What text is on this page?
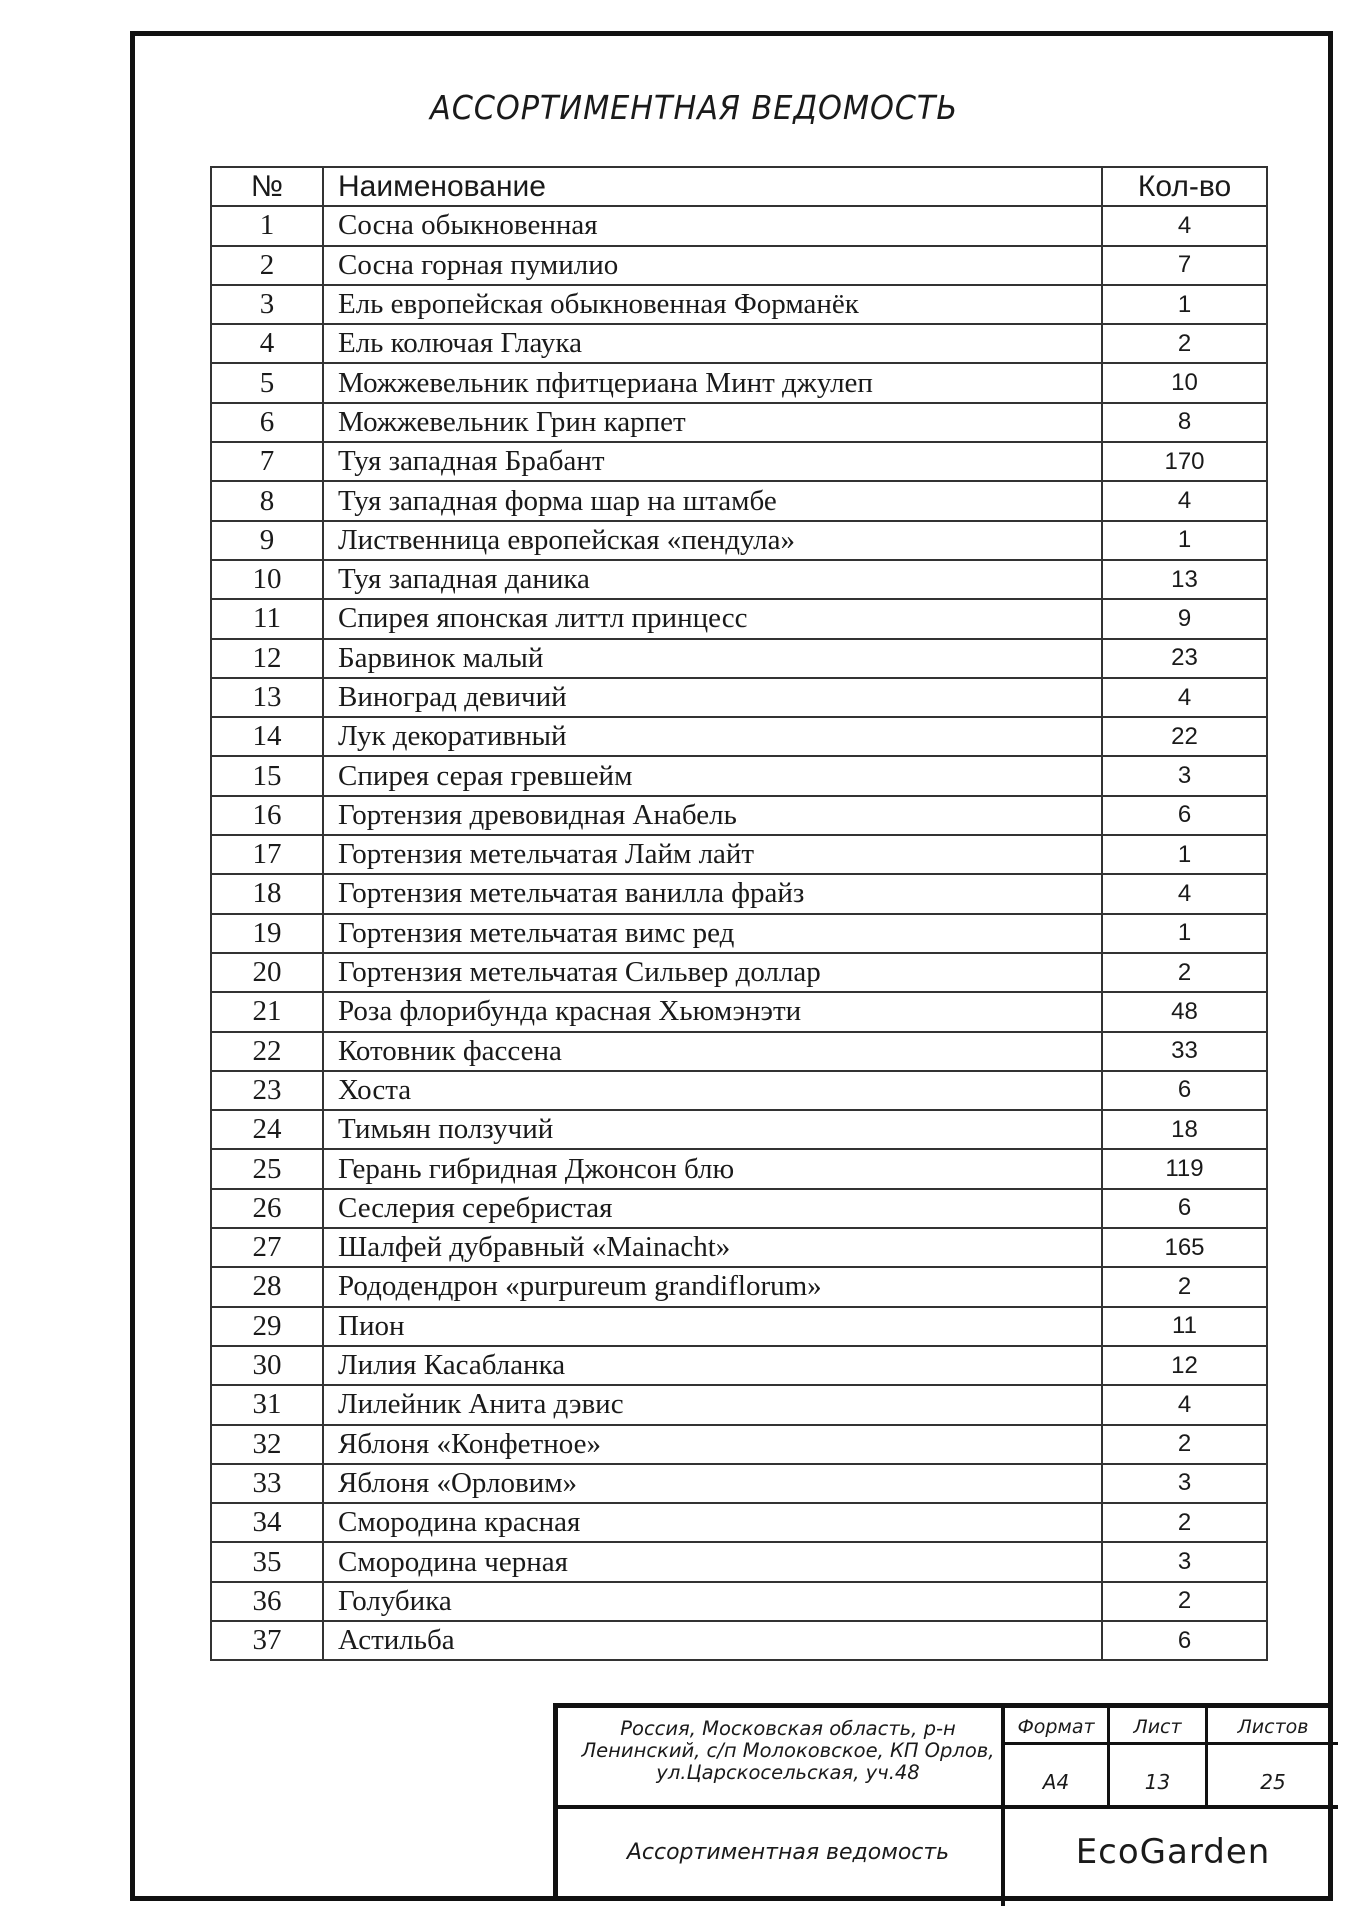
АССОРТИМЕНТНАЯ ВЕДОМОСТЬ
№	Наименование	Кол-во
1	Сосна обыкновенная	4
2	Сосна горная пумилио	7
3	Ель европейская обыкновенная Форманёк	1
4	Ель колючая Глаука	2
5	Можжевельник пфитцериана Минт джулеп	10
6	Можжевельник Грин карпет	8
7	Туя западная Брабант	170
8	Туя западная форма шар на штамбе	4
9	Лиственница европейская «пендула»	1
10	Туя западная даника	13
11	Спирея японская литтл принцесс	9
12	Барвинок малый	23
13	Виноград девичий	4
14	Лук декоративный	22
15	Спирея серая гревшейм	3
16	Гортензия древовидная Анабель	6
17	Гортензия метельчатая Лайм лайт	1
18	Гортензия метельчатая ванилла фрайз	4
19	Гортензия метельчатая вимс ред	1
20	Гортензия метельчатая Сильвер доллар	2
21	Роза флорибунда красная Хьюмэнэти	48
22	Котовник фассена	33
23	Хоста	6
24	Тимьян ползучий	18
25	Герань гибридная Джонсон блю	119
26	Сеслерия серебристая	6
27	Шалфей дубравный «Mainacht»	165
28	Рододендрон «purpureum grandiflorum»	2
29	Пион	11
30	Лилия Касабланка	12
31	Лилейник Анита дэвис	4
32	Яблоня «Конфетное»	2
33	Яблоня «Орловим»	3
34	Смородина красная	2
35	Смородина черная	3
36	Голубика	2
37	Астильба	6
Россия, Московская область, р-н
Ленинский, с/п Молоковское, КП Орлов,
ул.Царскосельская, уч.48
Формат	Лист	Листов
А4	13	25
Ассортиментная ведомость	EcoGarden
